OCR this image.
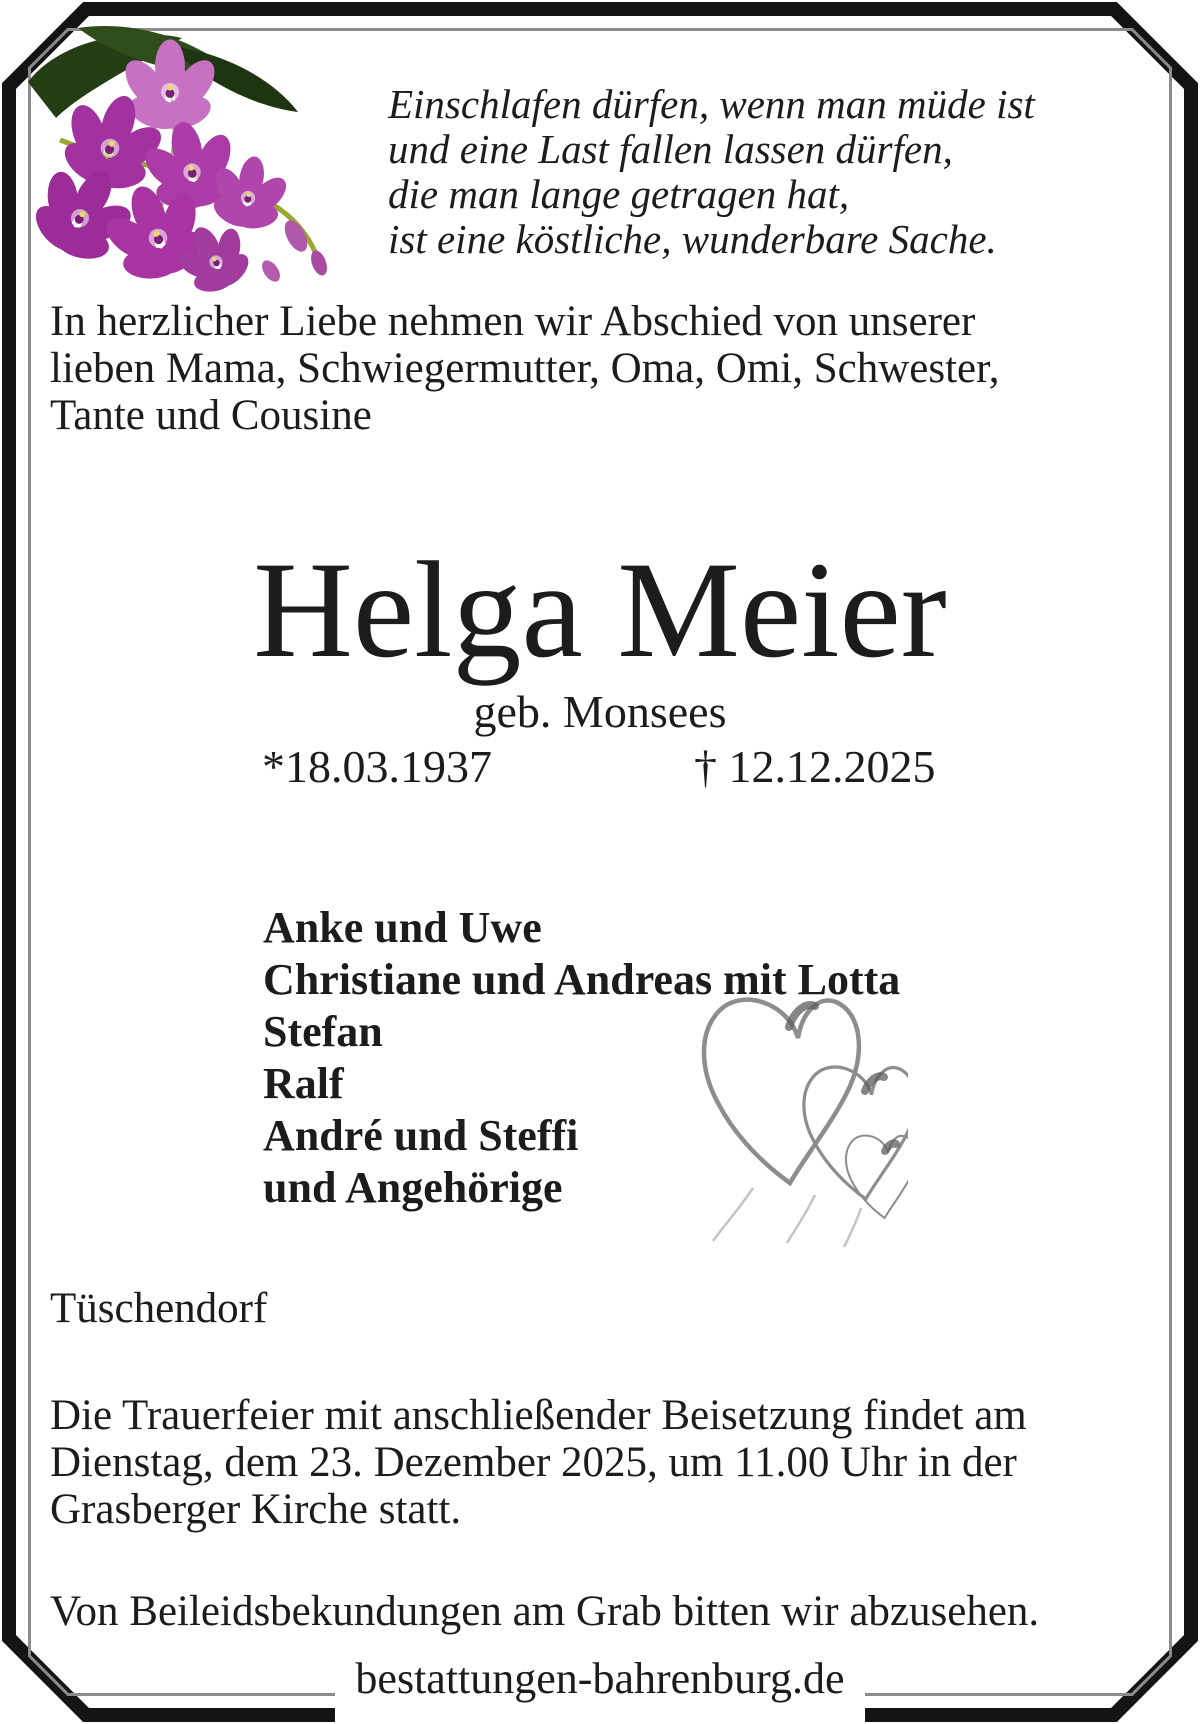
Einschlafen dürfen, wenn man müde ist
und eine Last fallen lassen dürfen,
die man lange getragen hat,
ist eine köstliche, wunderbare Sache.
In herzlicher Liebe nehmen wir Abschied von unserer
lieben Mama, Schwiegermutter, Oma, Omi, Schwester,
Tante und Cousine
Helga Meier
geb. Monsees
*18.03.1937	† 12.12.2025
Anke und Uwe
Christiane und Andreas mit Lotta
Stefan
Ralf
André und Steffi
und Angehörige
Tüschendorf
Die Trauerfeier mit anschließender Beisetzung findet am
Dienstag, dem 23. Dezember 2025, um 11.00 Uhr in der
Grasberger Kirche statt.
Von Beileidsbekundungen am Grab bitten wir abzusehen.
bestattungen-bahrenburg.de
